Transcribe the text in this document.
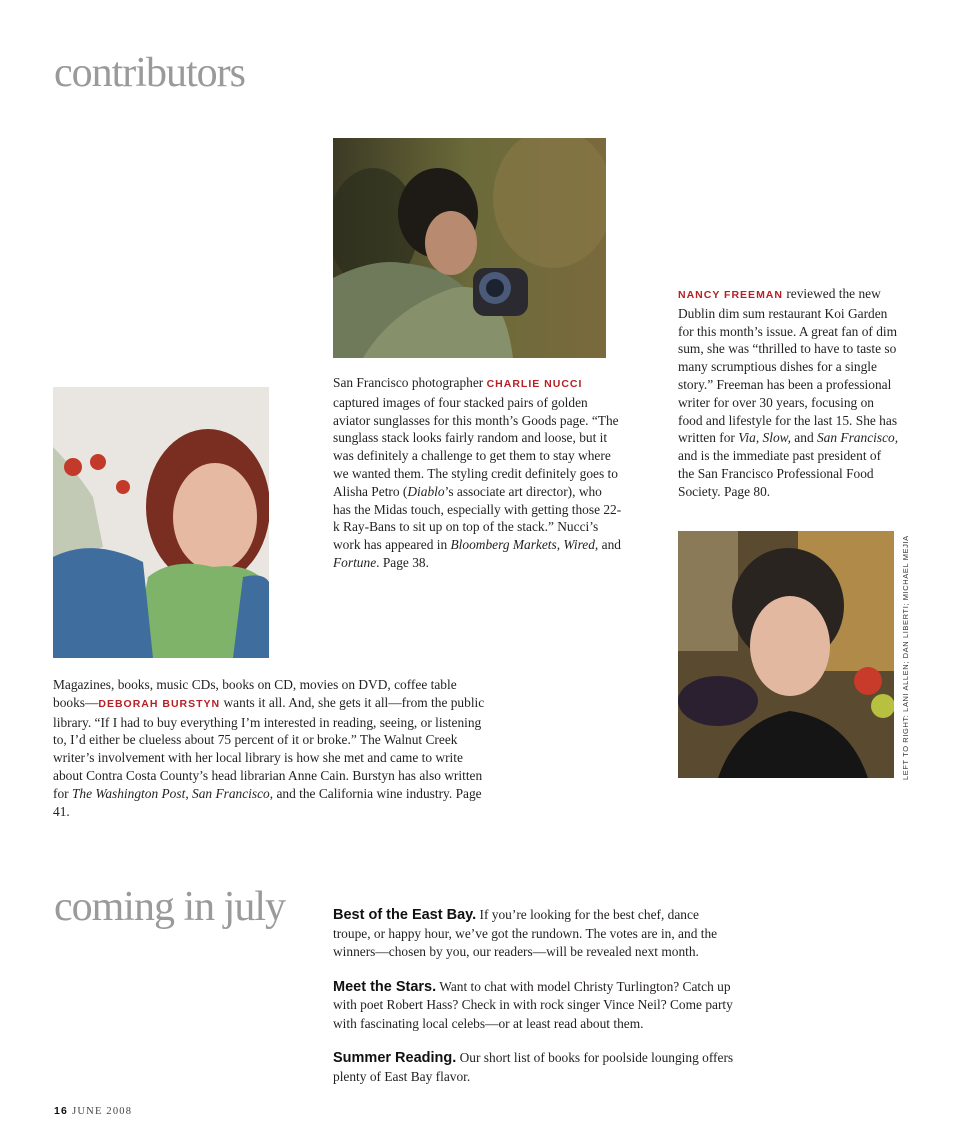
contributors

San Francisco photographer CHARLIE NUCCI captured images of four stacked pairs of golden aviator sunglasses for this month’s Goods page. “The sunglass stack looks fairly random and loose, but it was definitely a challenge to get them to stay where we wanted them. The styling credit definitely goes to Alisha Petro (Diablo’s associate art director), who has the Midas touch, especially with getting those 22-k Ray-Bans to sit up on top of the stack.” Nucci’s work has appeared in Bloomberg Markets, Wired, and Fortune. Page 38.

NANCY FREEMAN reviewed the new Dublin dim sum restaurant Koi Garden for this month’s issue. A great fan of dim sum, she was “thrilled to have to taste so many scrumptious dishes for a single story.” Freeman has been a professional writer for over 30 years, focusing on food and lifestyle for the last 15. She has written for Via, Slow, and San Francisco, and is the immediate past president of the San Francisco Professional Food Society. Page 80.

Magazines, books, music CDs, books on CD, movies on DVD, coffee table books—DEBORAH BURSTYN wants it all. And, she gets it all—from the public library. “If I had to buy everything I’m interested in reading, seeing, or listening to, I’d either be clueless about 75 percent of it or broke.” The Walnut Creek writer’s involvement with her local library is how she met and came to write about Contra Costa County’s head librarian Anne Cain. Burstyn has also written for The Washington Post, San Francisco, and the California wine industry. Page 41.

LEFT TO RIGHT: LANI ALLEN; DAN LIBERTI; MICHAEL MEJIA
coming in july	Best of the East Bay. If you’re looking for the best chef, dance troupe, or happy hour, we’ve got the rundown. The votes are in, and the winners—chosen by you, our readers—will be revealed next month.

Meet the Stars. Want to chat with model Christy Turlington? Catch up with poet Robert Hass? Check in with rock singer Vince Neil? Come party with fascinating local celebs—or at least read about them.

Summer Reading. Our short list of books for poolside lounging offers plenty of East Bay flavor.

16 JUNE 2008
